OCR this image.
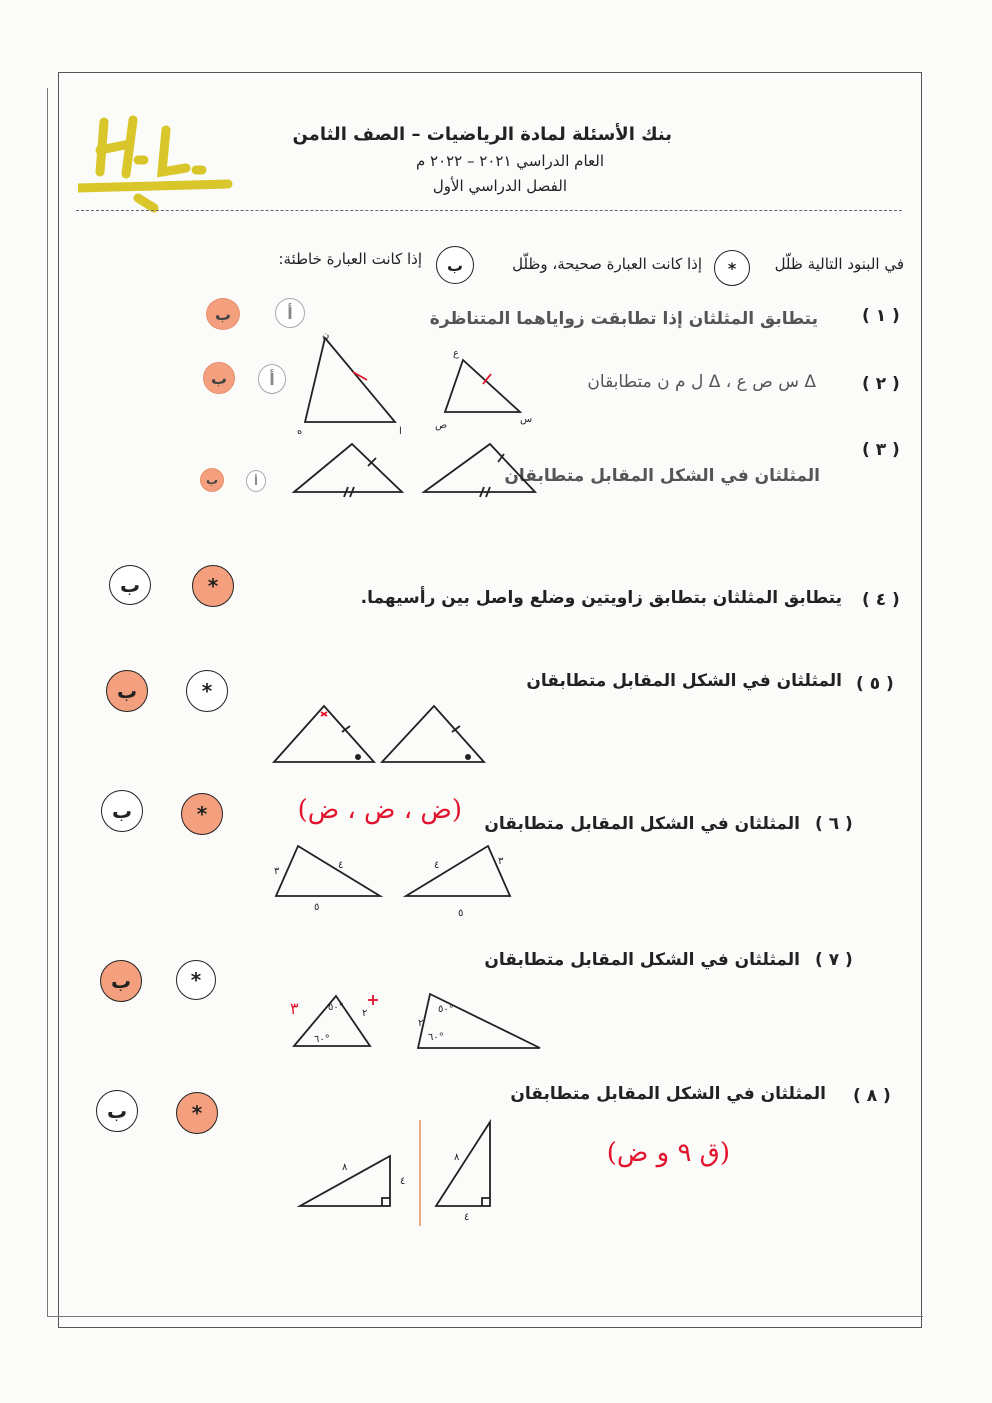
بنك الأسئلة لمادة الرياضيات – الصف الثامن
العام الدراسي ٢٠٢١ – ٢٠٢٢ م
الفصل الدراسي الأول
في البنود التالية ظلّل
*
إذا كانت العبارة صحيحة، وظلّل
ب
إذا كانت العبارة خاطئة:
( ١ )
يتطابق المثلثان إذا تطابقت زواياهما المتناظرة
أ
ب
( ٢ )
Δ س ص ع ، Δ ل م ن متطابقان
ن
ا
ه
ع
ص
س
أ
ب
( ٣ )
المثلثان في الشكل المقابل متطابقان
أ
ب
( ٤ )
يتطابق المثلثان بتطابق زاويتين وضلع واصل بين رأسيهما.
*
ب
( ٥ )
المثلثان في الشكل المقابل متطابقان
*
ب
( ٦ )
المثلثان في الشكل المقابل متطابقان
(ض ، ض ، ض)
٣
٤
٥
٣
٤
٥
*
ب
( ٧ )
المثلثان في الشكل المقابل متطابقان
٦٠°
٥٠°
٢
٣	٥٠°
٦٠°
٢
*
ب
( ٨ )
المثلثان في الشكل المقابل متطابقان
(ق ٩ و ض)
٨
٤
٨
٤
*
ب
